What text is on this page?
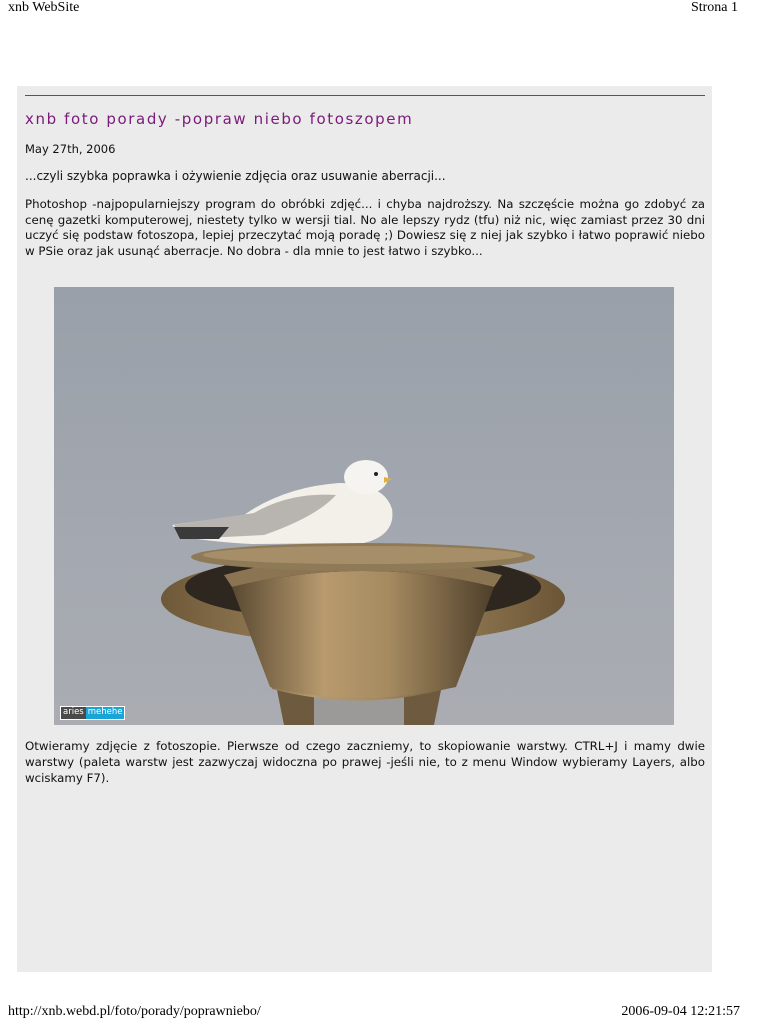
xnb WebSite	Strona 1
xnb foto porady -popraw niebo fotoszopem
May 27th, 2006

...czyli szybka poprawka i ożywienie zdjęcia oraz usuwanie aberracji...

Photoshop -najpopularniejszy program do obróbki zdjęć... i chyba najdroższy. Na szczęście można go zdobyć za cenę gazetki komputerowej, niestety tylko w wersji tial. No ale lepszy rydz (tfu) niż nic, więc zamiast przez 30 dni uczyć się podstaw fotoszopa, lepiej przeczytać moją poradę ;) Dowiesz się z niej jak szybko i łatwo poprawić niebo w PSie oraz jak usunąć aberracje. No dobra - dla mnie to jest łatwo i szybko...

aries mehehe

Otwieramy zdjęcie z fotoszopie. Pierwsze od czego zaczniemy, to skopiowanie warstwy. CTRL+J i mamy dwie warstwy (paleta warstw jest zazwyczaj widoczna po prawej -jeśli nie, to z menu Window wybieramy Layers, albo wciskamy F7).

http://xnb.webd.pl/foto/porady/poprawniebo/	2006-09-04 12:21:57
